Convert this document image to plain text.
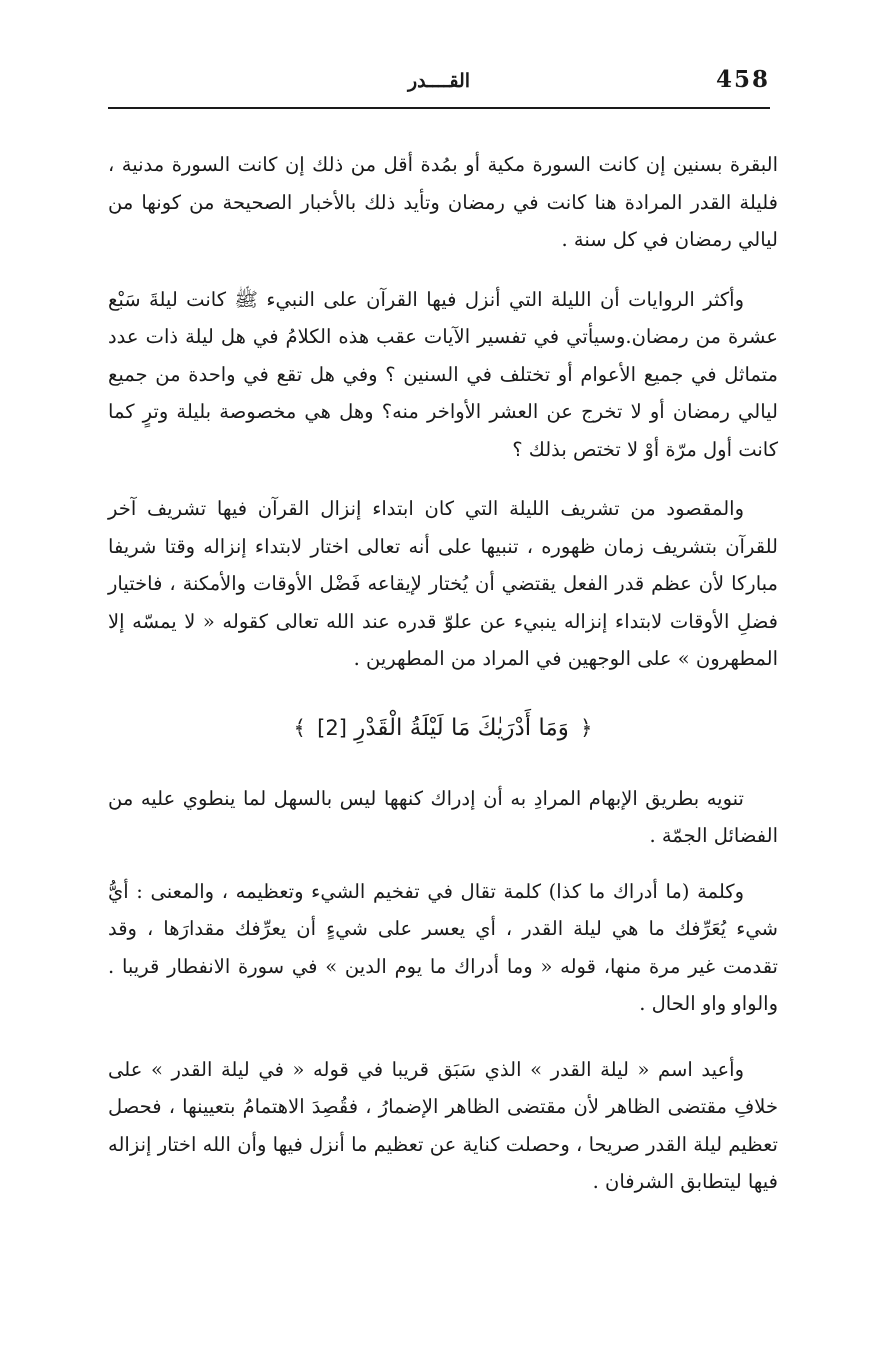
458
القــــدر

البقرة بسنين إن كانت السورة مكية أو بمُدة أقل من ذلك إن كانت السورة مدنية ، فليلة القدر المرادة هنا كانت في رمضان وتأيد ذلك بالأخبار الصحيحة من كونها من ليالي رمضان في كل سنة .

وأكثر الروايات أن الليلة التي أنزل فيها القرآن على النبيء ﷺ كانت ليلةَ سَبْع عشرة من رمضان.وسيأتي في تفسير الآيات عقب هذه الكلامُ في هل ليلة ذات عدد متماثل في جميع الأعوام أو تختلف في السنين ؟ وفي هل تقع في واحدة من جميع ليالي رمضان أو لا تخرج عن العشر الأواخر منه؟ وهل هي مخصوصة بليلة وترٍ كما كانت أول مرّة أوْ لا تختص بذلك ؟

والمقصود من تشريف الليلة التي كان ابتداء إنزال القرآن فيها تشريف آخر للقرآن بتشريف زمان ظهوره ، تنبيها على أنه تعالى اختار لابتداء إنزاله وقتا شريفا مباركا لأن عظم قدر الفعل يقتضي أن يُختار لإيقاعه فَضْل الأوقات والأمكنة ، فاختيار فضلِ الأوقات لابتداء إنزاله ينبيء عن علوّ قدره عند الله تعالى كقوله « لا يمسّه إلا المطهرون » على الوجهين في المراد من المطهرين .

﴿ وَمَا أَدْرَيٰكَ مَا لَيْلَةُ الْقَدْرِ [2] ﴾

تنويه بطريق الإبهام المرادِ به أن إدراك كنهها ليس بالسهل لما ينطوي عليه من الفضائل الجمّة .

وكلمة (ما أدراك ما كذا) كلمة تقال في تفخيم الشيء وتعظيمه ، والمعنى : أيُّ شيء يُعَرِّفك ما هي ليلة القدر ، أي يعسر على شيءٍ أن يعرِّفك مقدارَها ، وقد تقدمت غير مرة منها، قوله « وما أدراك ما يوم الدين » في سورة الانفطار قريبا . والواو واو الحال .

وأعيد اسم « ليلة القدر » الذي سَبَق قريبا في قوله « في ليلة القدر » على خلافِ مقتضى الظاهر لأن مقتضى الظاهر الإضمارُ ، فقُصِدَ الاهتمامُ بتعيينها ، فحصل تعظيم ليلة القدر صريحا ، وحصلت كناية عن تعظيم ما أنزل فيها وأن الله اختار إنزاله فيها ليتطابق الشرفان .
